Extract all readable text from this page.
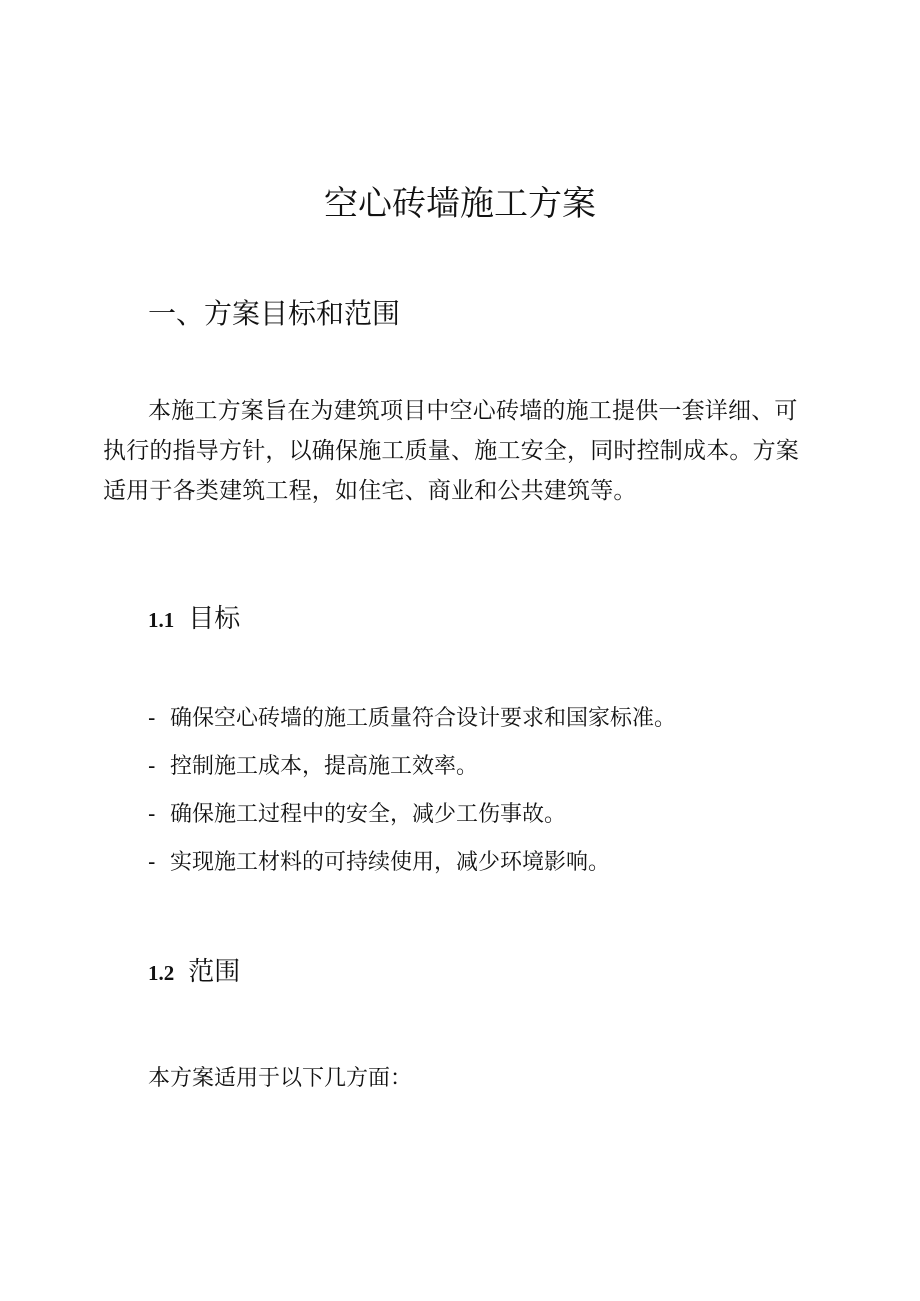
空心砖墙施工方案
一、方案目标和范围

本施工方案旨在为建筑项目中空心砖墙的施工提供一套详细、可执行的指导方针，以确保施工质量、施工安全，同时控制成本。方案适用于各类建筑工程，如住宅、商业和公共建筑等。

1.1 目标
- 确保空心砖墙的施工质量符合设计要求和国家标准。
- 控制施工成本，提高施工效率。
- 确保施工过程中的安全，减少工伤事故。
- 实现施工材料的可持续使用，减少环境影响。
1.2 范围
本方案适用于以下几方面：
